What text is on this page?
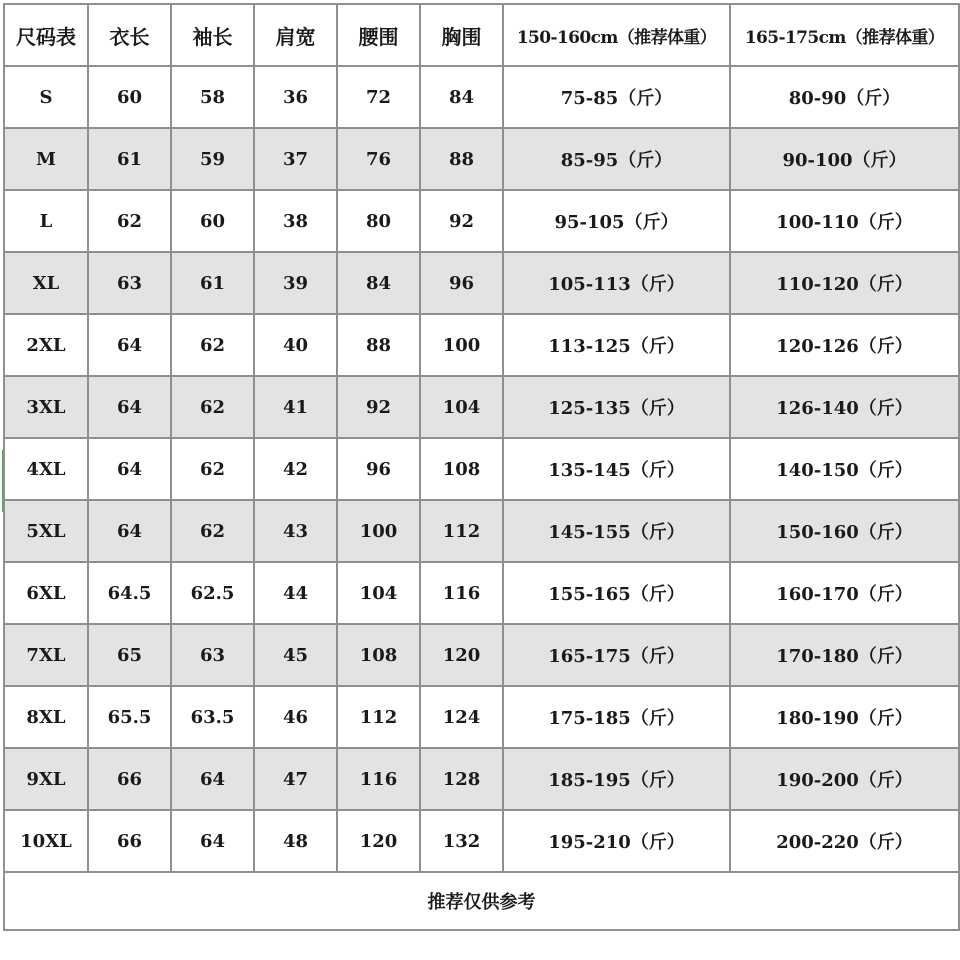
尺码表	衣长	袖长	肩宽	腰围	胸围	150-160cm（推荐体重）	165-175cm（推荐体重）
S	60	58	36	72	84	75-85（斤）	80-90（斤）
M	61	59	37	76	88	85-95（斤）	90-100（斤）
L	62	60	38	80	92	95-105（斤）	100-110（斤）
XL	63	61	39	84	96	105-113（斤）	110-120（斤）
2XL	64	62	40	88	100	113-125（斤）	120-126（斤）
3XL	64	62	41	92	104	125-135（斤）	126-140（斤）
4XL	64	62	42	96	108	135-145（斤）	140-150（斤）
5XL	64	62	43	100	112	145-155（斤）	150-160（斤）
6XL	64.5	62.5	44	104	116	155-165（斤）	160-170（斤）
7XL	65	63	45	108	120	165-175（斤）	170-180（斤）
8XL	65.5	63.5	46	112	124	175-185（斤）	180-190（斤）
9XL	66	64	47	116	128	185-195（斤）	190-200（斤）
10XL	66	64	48	120	132	195-210（斤）	200-220（斤）
推荐仅供参考							
